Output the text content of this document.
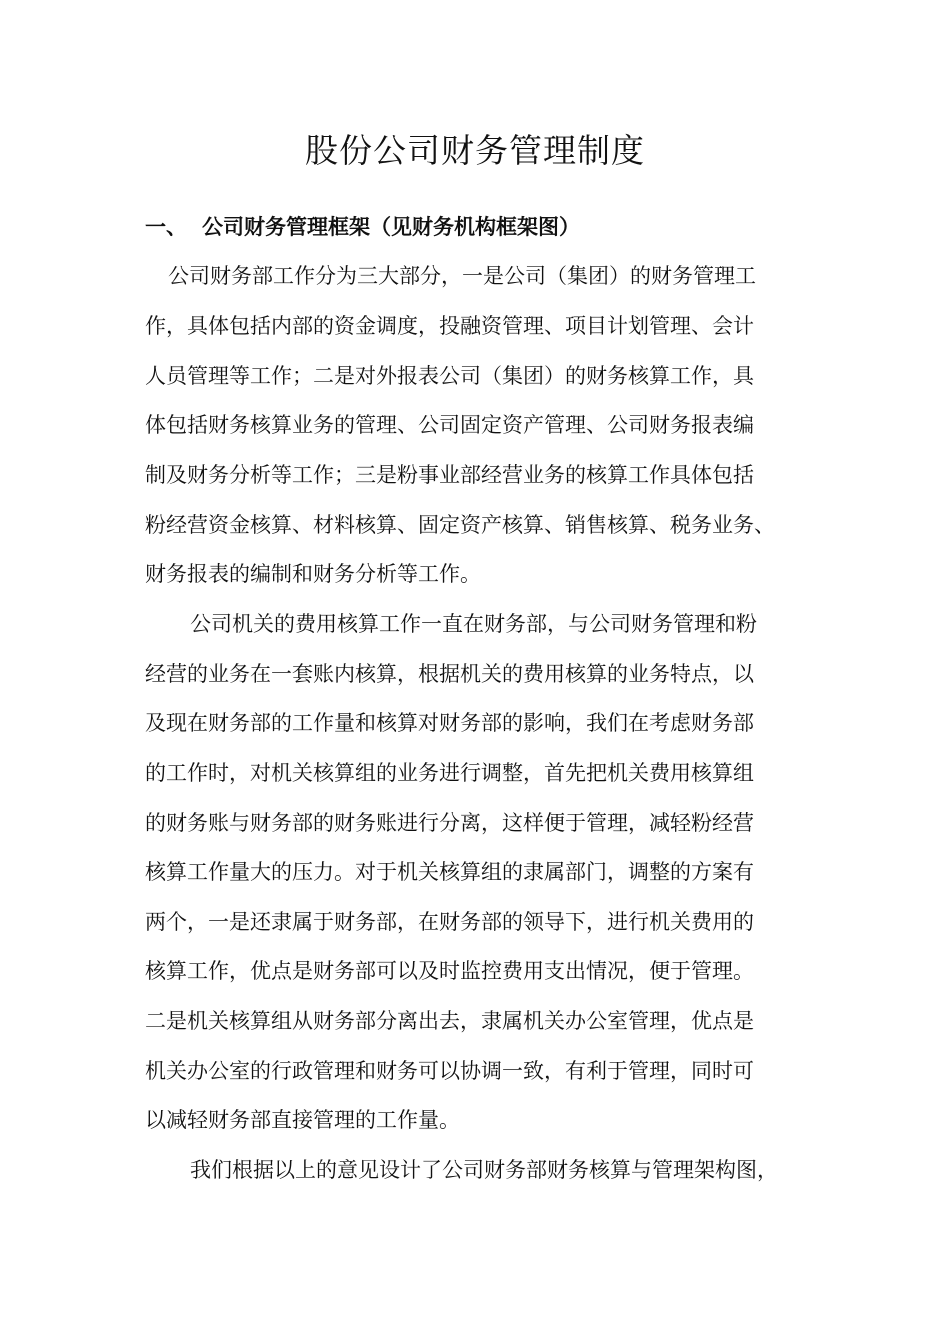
股份公司财务管理制度
一、 公司财务管理框架（见财务机构框架图）

公司财务部工作分为三大部分，一是公司（集团）的财务管理工

作，具体包括内部的资金调度，投融资管理、项目计划管理、会计

人员管理等工作；二是对外报表公司（集团）的财务核算工作，具

体包括财务核算业务的管理、公司固定资产管理、公司财务报表编

制及财务分析等工作；三是粉事业部经营业务的核算工作具体包括

粉经营资金核算、材料核算、固定资产核算、销售核算、税务业务、

财务报表的编制和财务分析等工作。

公司机关的费用核算工作一直在财务部，与公司财务管理和粉

经营的业务在一套账内核算，根据机关的费用核算的业务特点，以

及现在财务部的工作量和核算对财务部的影响，我们在考虑财务部

的工作时，对机关核算组的业务进行调整，首先把机关费用核算组

的财务账与财务部的财务账进行分离，这样便于管理，减轻粉经营

核算工作量大的压力。对于机关核算组的隶属部门，调整的方案有

两个，一是还隶属于财务部，在财务部的领导下，进行机关费用的

核算工作，优点是财务部可以及时监控费用支出情况，便于管理。

二是机关核算组从财务部分离出去，隶属机关办公室管理，优点是

机关办公室的行政管理和财务可以协调一致，有利于管理，同时可

以减轻财务部直接管理的工作量。

我们根据以上的意见设计了公司财务部财务核算与管理架构图，
